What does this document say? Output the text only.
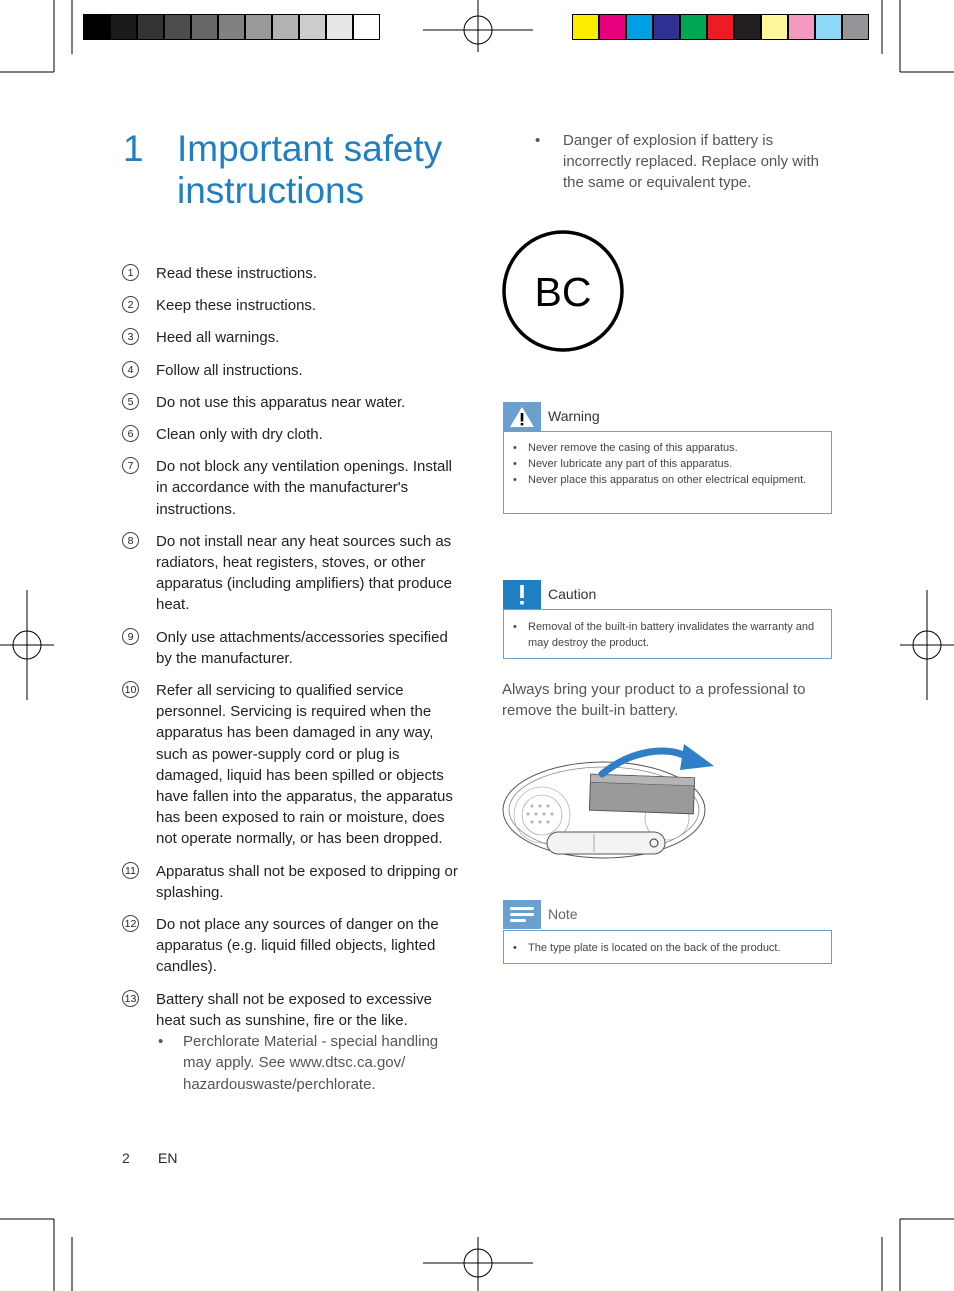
1 Important safety instructions
1	Read these instructions.
2	Keep these instructions.
3	Heed all warnings.
4	Follow all instructions.
5	Do not use this apparatus near water.
6	Clean only with dry cloth.
7	Do not block any ventilation openings. Install in accordance with the manufacturer's instructions.
8	Do not install near any heat sources such as radiators, heat registers, stoves, or other apparatus (including amplifiers) that produce heat.
9	Only use attachments/accessories specified by the manufacturer.
10 Refer all servicing to qualified service personnel. Servicing is required when the apparatus has been damaged in any way, such as power-supply cord or plug is damaged, liquid has been spilled or objects have fallen into the apparatus, the apparatus has been exposed to rain or moisture, does not operate normally, or has been dropped.
11 Apparatus shall not be exposed to dripping or splashing.
12 Do not place any sources of danger on the apparatus (e.g. liquid filled objects, lighted candles).
13 Battery shall not be exposed to excessive heat such as sunshine, fire or the like.
• Perchlorate Material - special handling may apply. See www.dtsc.ca.gov/ hazardouswaste/perchlorate.
• Danger of explosion if battery is incorrectly replaced. Replace only with the same or equivalent type.
BC
Warning
• Never remove the casing of this apparatus.
• Never lubricate any part of this apparatus.
• Never place this apparatus on other electrical equipment.
Caution
• Removal of the built-in battery invalidates the warranty and may destroy the product.
Always bring your product to a professional to remove the built-in battery.
Note
• The type plate is located on the back of the product.
2 EN
